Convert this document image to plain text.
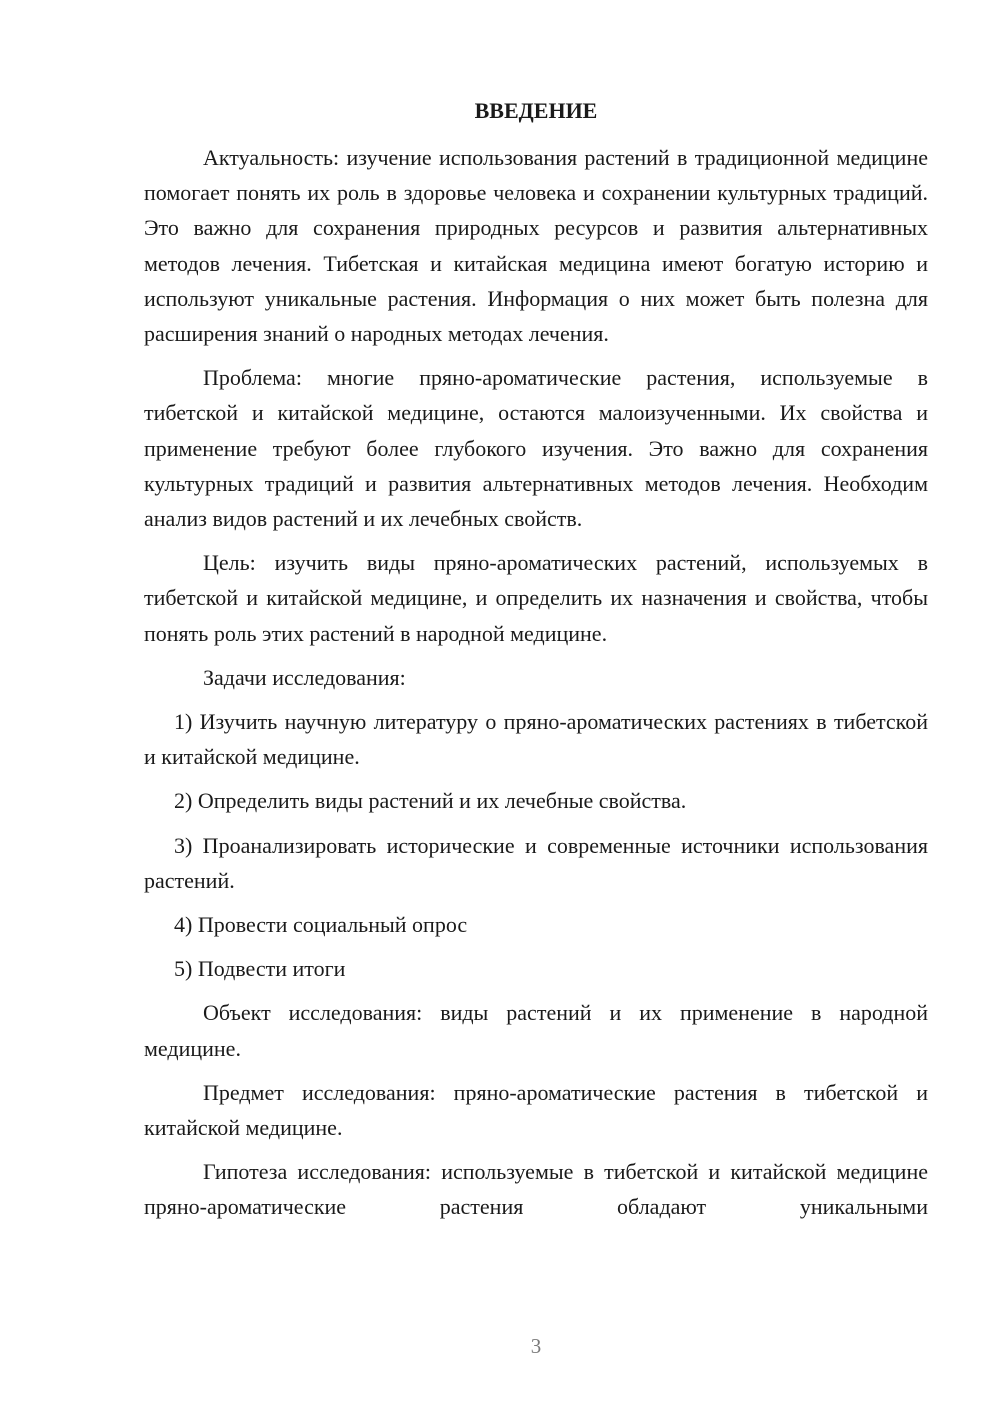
ВВЕДЕНИЕ

Актуальность: изучение использования растений в традиционной медицине помогает понять их роль в здоровье человека и сохранении культурных традиций. Это важно для сохранения природных ресурсов и развития альтернативных методов лечения. Тибетская и китайская медицина имеют богатую историю и используют уникальные растения. Информация о них может быть полезна для расширения знаний о народных методах лечения.

Проблема: многие пряно-ароматические растения, используемые в тибетской и китайской медицине, остаются малоизученными. Их свойства и применение требуют более глубокого изучения. Это важно для сохранения культурных традиций и развития альтернативных методов лечения. Необходим анализ видов растений и их лечебных свойств.

Цель: изучить виды пряно-ароматических растений, используемых в тибетской и китайской медицине, и определить их назначения и свойства, чтобы понять роль этих растений в народной медицине.

Задачи исследования:

1) Изучить научную литературу о пряно-ароматических растениях в тибетской и китайской медицине.

2) Определить виды растений и их лечебные свойства.

3) Проанализировать исторические и современные источники использования растений.

4) Провести социальный опрос

5) Подвести итоги

Объект исследования: виды растений и их применение в народной медицине.

Предмет исследования: пряно-ароматические растения в тибетской и китайской медицине.

Гипотеза исследования: используемые в тибетской и китайской медицине пряно-ароматические растения обладают уникальными

3
